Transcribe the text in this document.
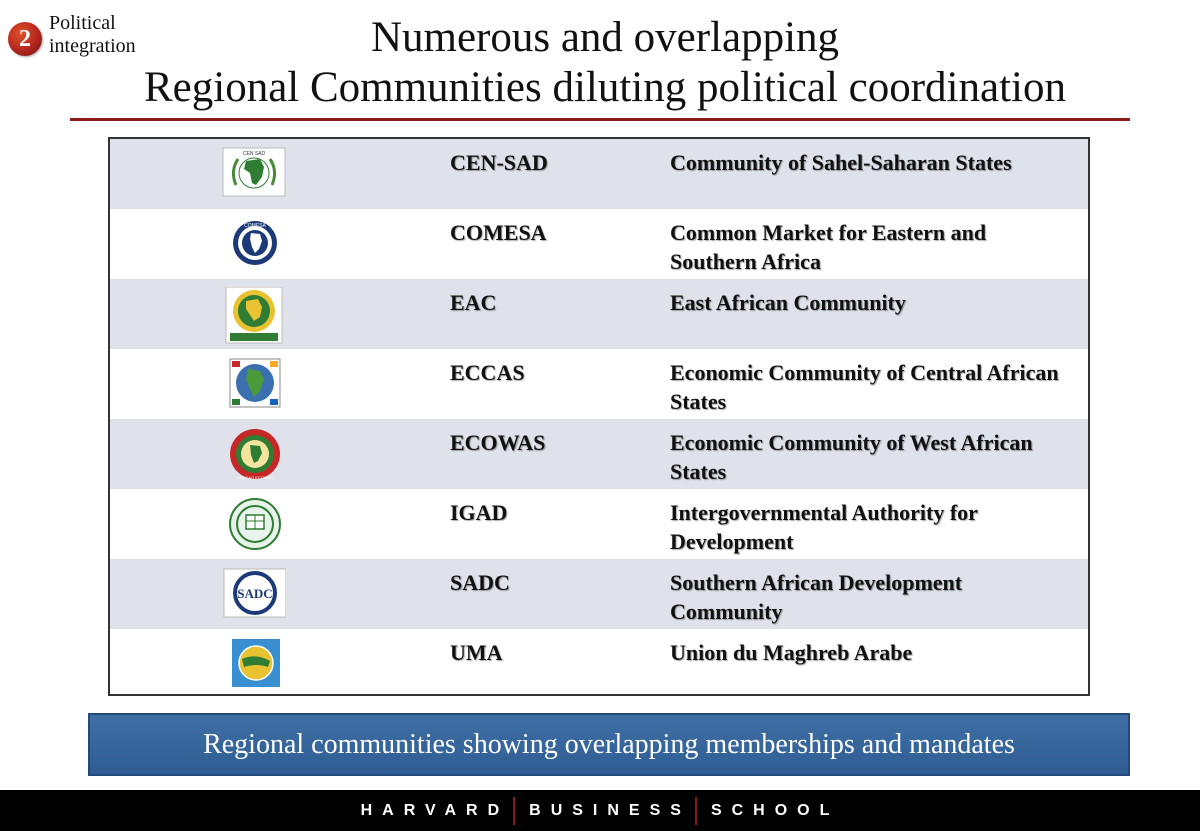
2
Political
integration	Numerous and overlapping
Regional Communities diluting political coordination
CEN SAD	CEN-SAD	Community of Sahel-Saharan States
COMESA	COMESA	Common Market for Eastern and Southern Africa
EAC	East African Community
ECCAS	Economic Community of Central African States
CEDEAO ECOWAS
ECOWAS	Economic Community of West African States
IGAD	Intergovernmental Authority for Development
SADC	SADC	Southern African Development Community
UMA	Union du Maghreb Arabe
Regional communities showing overlapping memberships and mandates
HARVARD BUSINESS SCHOOL
